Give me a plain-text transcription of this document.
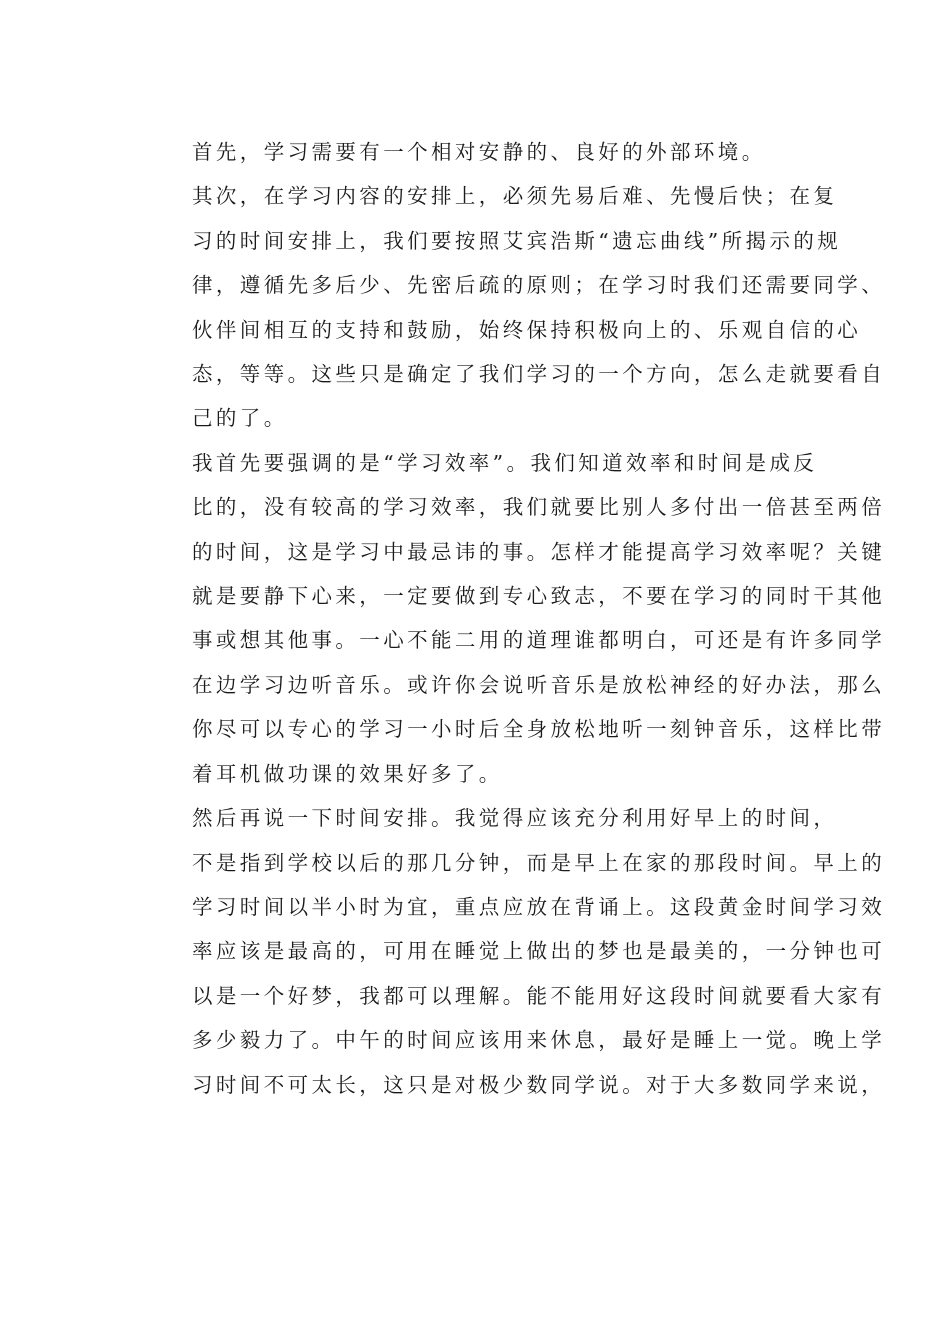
首先，学习需要有一个相对安静的、良好的外部环境。

其次，在学习内容的安排上，必须先易后难、先慢后快；在复
习的时间安排上，我们要按照艾宾浩斯“遗忘曲线”所揭示的规
律，遵循先多后少、先密后疏的原则；在学习时我们还需要同学、
伙伴间相互的支持和鼓励，始终保持积极向上的、乐观自信的心
态，等等。这些只是确定了我们学习的一个方向，怎么走就要看自
己的了。

我首先要强调的是“学习效率”。我们知道效率和时间是成反
比的，没有较高的学习效率，我们就要比别人多付出一倍甚至两倍
的时间，这是学习中最忌讳的事。怎样才能提高学习效率呢？关键
就是要静下心来，一定要做到专心致志，不要在学习的同时干其他
事或想其他事。一心不能二用的道理谁都明白，可还是有许多同学
在边学习边听音乐。或许你会说听音乐是放松神经的好办法，那么
你尽可以专心的学习一小时后全身放松地听一刻钟音乐，这样比带
着耳机做功课的效果好多了。

然后再说一下时间安排。我觉得应该充分利用好早上的时间，
不是指到学校以后的那几分钟，而是早上在家的那段时间。早上的
学习时间以半小时为宜，重点应放在背诵上。这段黄金时间学习效
率应该是最高的，可用在睡觉上做出的梦也是最美的，一分钟也可
以是一个好梦，我都可以理解。能不能用好这段时间就要看大家有
多少毅力了。中午的时间应该用来休息，最好是睡上一觉。晚上学
习时间不可太长，这只是对极少数同学说。对于大多数同学来说，
